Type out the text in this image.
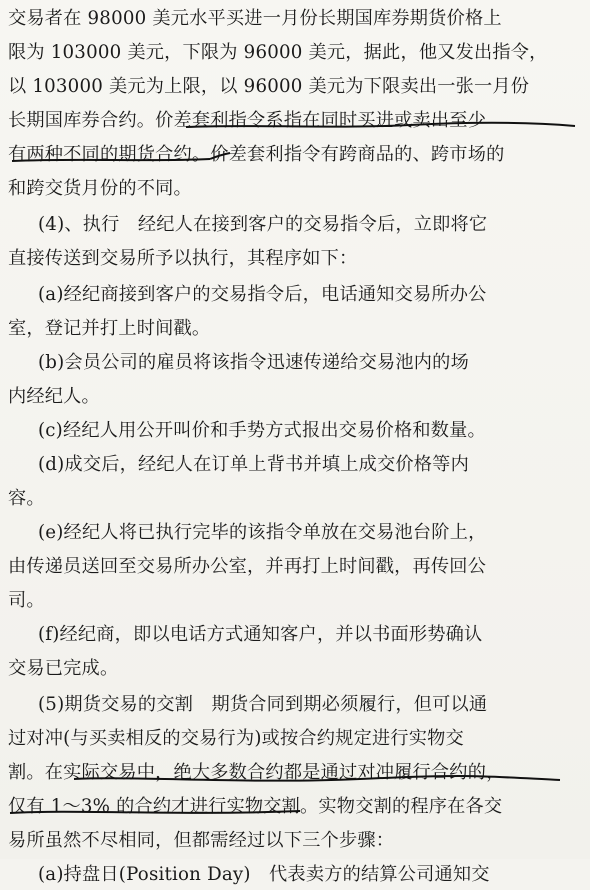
交易者在 98000 美元水平买进一月份长期国库券期货价格上
限为 103000 美元，下限为 96000 美元，据此，他又发出指令，
以 103000 美元为上限，以 96000 美元为下限卖出一张一月份
长期国库券合约。价差套利指令系指在同时买进或卖出至少
有两种不同的期货合约。价差套利指令有跨商品的、跨市场的
和跨交货月份的不同。
(4)、执行　经纪人在接到客户的交易指令后，立即将它
直接传送到交易所予以执行，其程序如下：
(a)经纪商接到客户的交易指令后，电话通知交易所办公
室，登记并打上时间戳。
(b)会员公司的雇员将该指令迅速传递给交易池内的场
内经纪人。
(c)经纪人用公开叫价和手势方式报出交易价格和数量。
(d)成交后，经纪人在订单上背书并填上成交价格等内
容。
(e)经纪人将已执行完毕的该指令单放在交易池台阶上，
由传递员送回至交易所办公室，并再打上时间戳，再传回公
司。
(f)经纪商，即以电话方式通知客户，并以书面形势确认
交易已完成。
(5)期货交易的交割　期货合同到期必须履行，但可以通
过对冲(与买卖相反的交易行为)或按合约规定进行实物交
割。在实际交易中，绝大多数合约都是通过对冲履行合约的，
仅有 1～3% 的合约才进行实物交割。实物交割的程序在各交
易所虽然不尽相同，但都需经过以下三个步骤：
(a)持盘日(Position Day)　代表卖方的结算公司通知交
